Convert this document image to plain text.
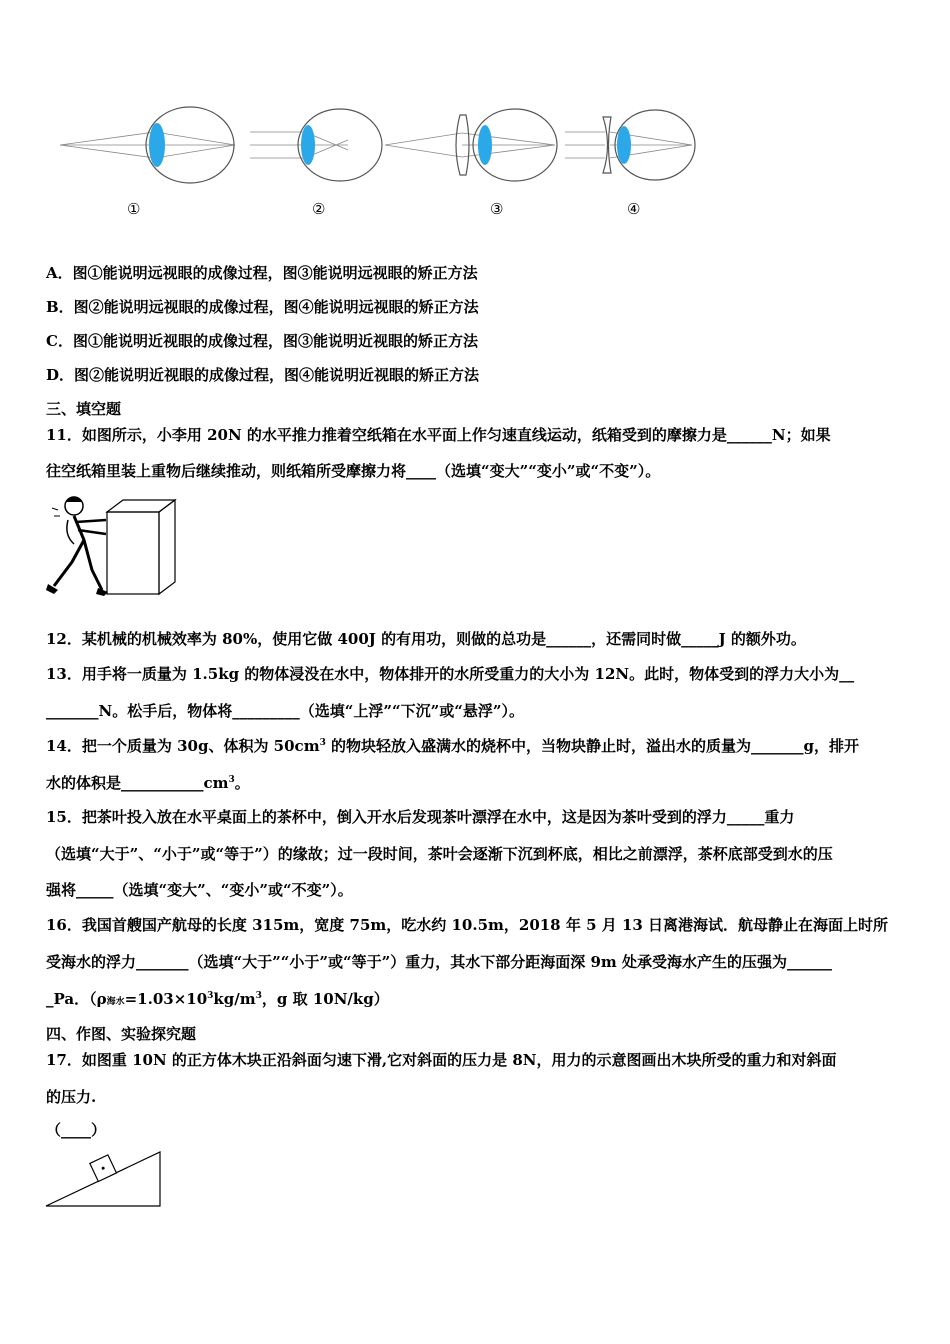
①	②	③	④
A．图①能说明远视眼的成像过程，图③能说明远视眼的矫正方法
B．图②能说明远视眼的成像过程，图④能说明远视眼的矫正方法
C．图①能说明近视眼的成像过程，图③能说明近视眼的矫正方法
D．图②能说明近视眼的成像过程，图④能说明近视眼的矫正方法
三、填空题
11．如图所示，小李用 20N 的水平推力推着空纸箱在水平面上作匀速直线运动，纸箱受到的摩擦力是______N；如果
往空纸箱里装上重物后继续推动，则纸箱所受摩擦力将____（选填“变大”“变小”或“不变”）。
12．某机械的机械效率为 80%，使用它做 400J 的有用功，则做的总功是______，还需同时做_____J 的额外功。
13．用手将一质量为 1.5kg 的物体浸没在水中，物体排开的水所受重力的大小为 12N。此时，物体受到的浮力大小为__
_______N。松手后，物体将_________（选填“上浮”“下沉”或“悬浮”）。
14．把一个质量为 30g、体积为 $50cm^3$ 的物块轻放入盛满水的烧杯中，当物块静止时，溢出水的质量为_______g，排开
水的体积是$\_\_\_\_\_\_\_\_\_\_\_cm^3$。
15．把茶叶投入放在水平桌面上的茶杯中，倒入开水后发现茶叶漂浮在水中，这是因为茶叶受到的浮力_____重力
（选填“大于”、“小于”或“等于”）的缘故；过一段时间，茶叶会逐渐下沉到杯底，相比之前漂浮，茶杯底部受到水的压
强将_____（选填“变大”、“变小”或“不变”）。
16．我国首艘国产航母的长度 315m，宽度 75m，吃水约 10.5m，2018 年 5 月 13 日离港海试．航母静止在海面上时所
受海水的浮力_______（选填“大于”“小于”或“等于”）重力，其水下部分距海面深 9m 处承受海水产生的压强为______
_Pa．（ρ海水$=1.03\times 10^3kg/m^3$，g 取 10N/kg）
四、作图、实验探究题
17．如图重 10N 的正方体木块正沿斜面匀速下滑,它对斜面的压力是 8N，用力的示意图画出木块所受的重力和对斜面
的压力.
（____）
